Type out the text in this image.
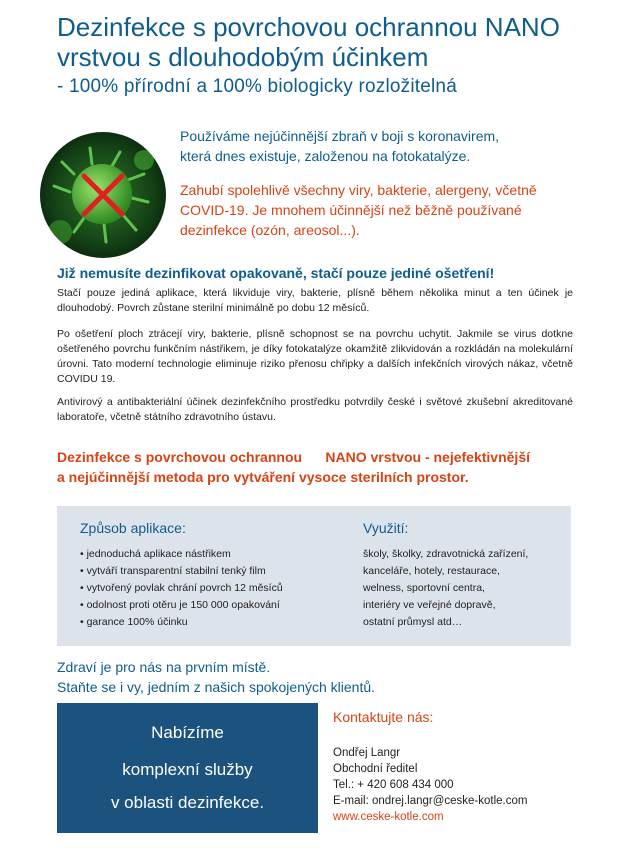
Dezinfekce s povrchovou ochrannou NANO
vrstvou s dlouhodobým účinkem
- 100% přírodní a 100% biologicky rozložitelná
Používáme nejúčinnější zbraň v boji s koronavirem,
která dnes existuje, založenou na fotokatalýze.
Zahubí spolehlivě všechny viry, bakterie, alergeny, včetně
COVID-19. Je mnohem účinnější než běžně používané
dezinfekce (ozón, areosol...).
Již nemusíte dezinfikovat opakovaně, stačí pouze jediné ošetření!

Stačí pouze jediná aplikace, která likviduje viry, bakterie, plísně během několika minut a ten účinek je dlouhodobý. Povrch zůstane sterilní minimálně po dobu 12 měsíců.

Po ošetření ploch ztrácejí viry, bakterie, plísně schopnost se na povrchu uchytit. Jakmile se virus dotkne ošetřeného povrchu funkčním nástřikem, je díky fotokatalýze okamžitě zlikvidován a rozkládán na molekulární úrovni. Tato moderní technologie eliminuje riziko přenosu chřipky a dalších infekčních virových nákaz, včetně COVIDU 19.

Antivirový a antibakteriální účinek dezinfekčního prostředku potvrdily české i světové zkušební akreditované laboratoře, včetně státního zdravotního ústavu.

Dezinfekce s povrchovou ochrannou      NANO vrstvou - nejefektivnější
a nejúčinnější metoda pro vytváření vysoce sterilních prostor.
Způsob aplikace:	Využití:
• jednoduchá aplikace nástřikem
• vytváří transparentní stabilní tenký film
• vytvořený povlak chrání povrch 12 měsíců
• odolnost proti otěru je 150 000 opakování
• garance 100% účinku
školy, školky, zdravotnická zařízení,
kanceláře, hotely, restaurace,
welness, sportovní centra,
interiéry ve veřejné dopravě,
ostatní průmysl atd…
Zdraví je pro nás na prvním místě.
Staňte se i vy, jedním z našich spokojených klientů.
Nabízíme
komplexní služby
v oblasti dezinfekce.
Kontaktujte nás:
Ondřej Langr
Obchodní ředitel
Tel.: + 420 608 434 000
E-mail: ondrej.langr@ceske-kotle.com
www.ceske-kotle.com
